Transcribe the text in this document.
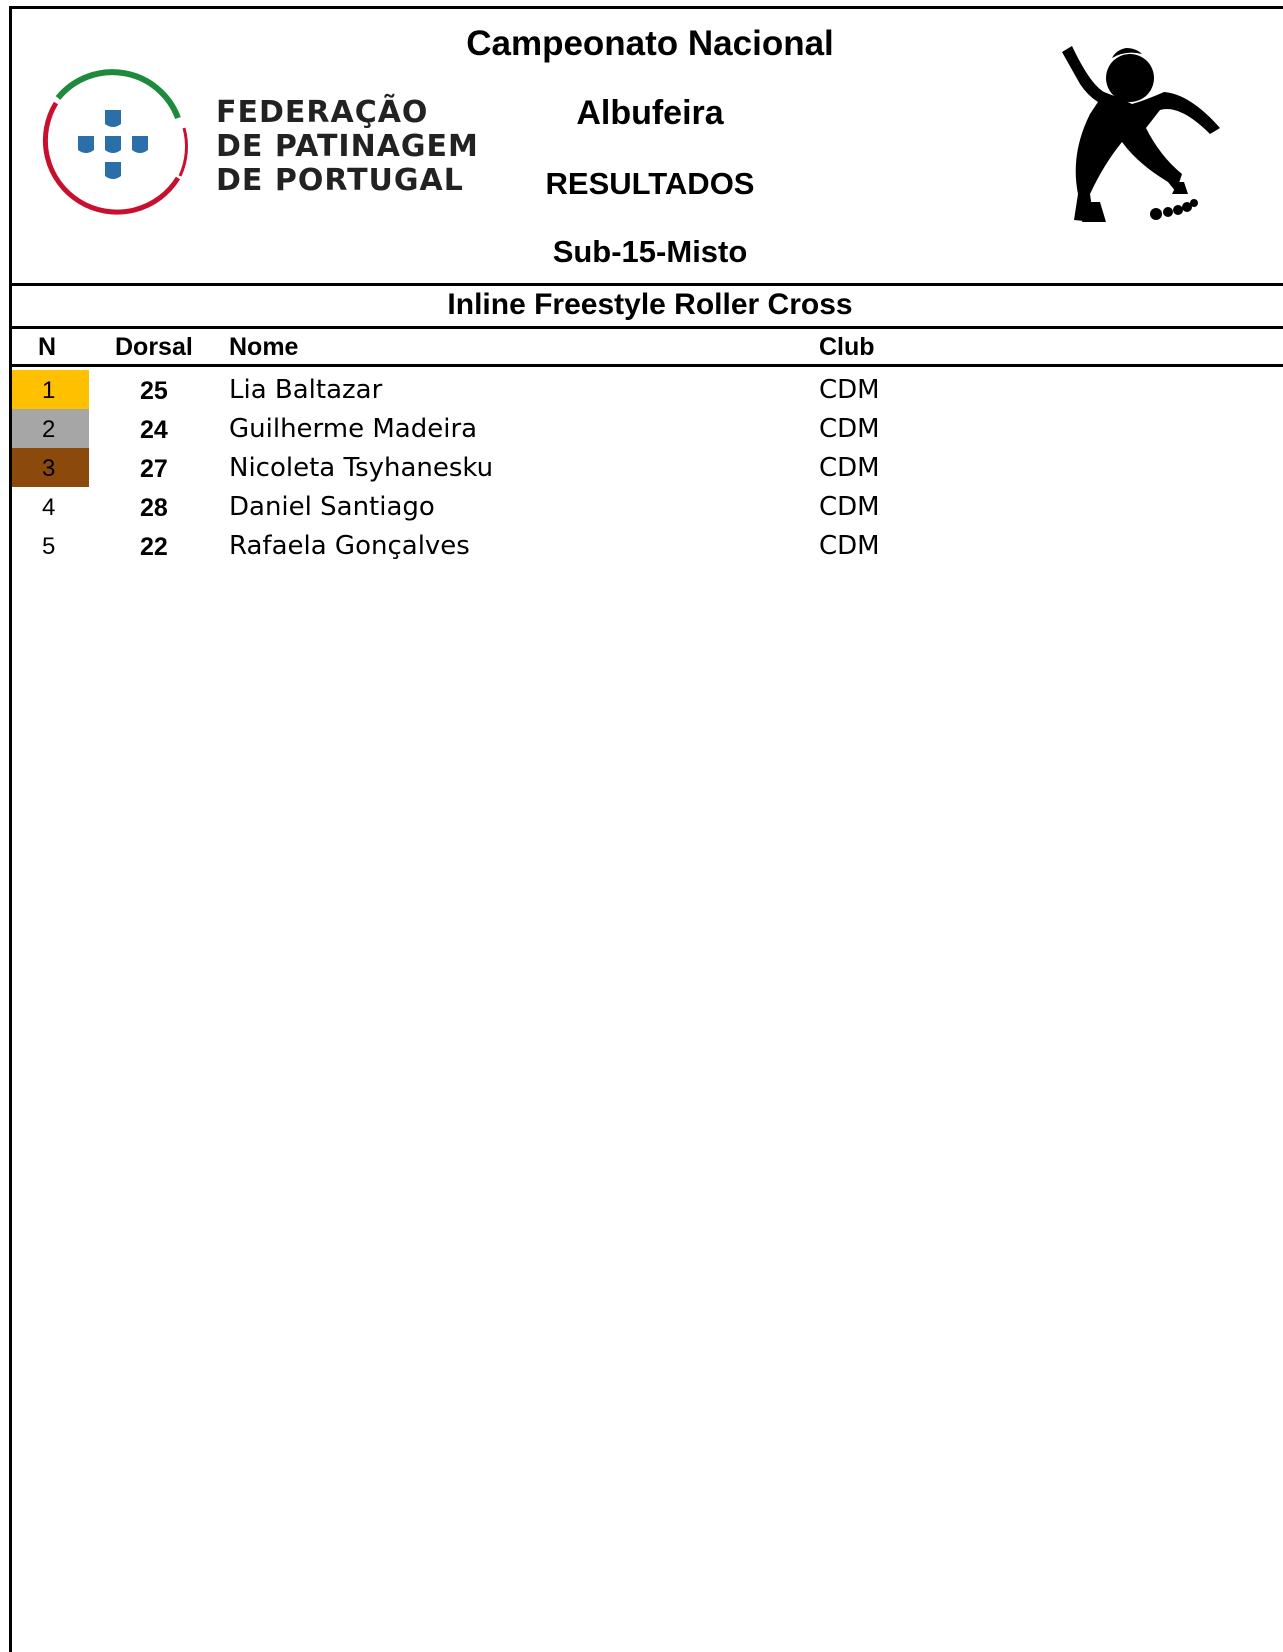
FEDERAÇÃO
DE PATINAGEM
DE PORTUGAL
Campeonato Nacional
Albufeira
RESULTADOS
Sub-15-Misto
Inline Freestyle Roller Cross
N Dorsal Nome	Club
1	25 Lia Baltazar	CDM
2	24 Guilherme Madeira	CDM
3	27 Nicoleta Tsyhanesku	CDM
4	28 Daniel Santiago	CDM
5	22 Rafaela Gonçalves	CDM
